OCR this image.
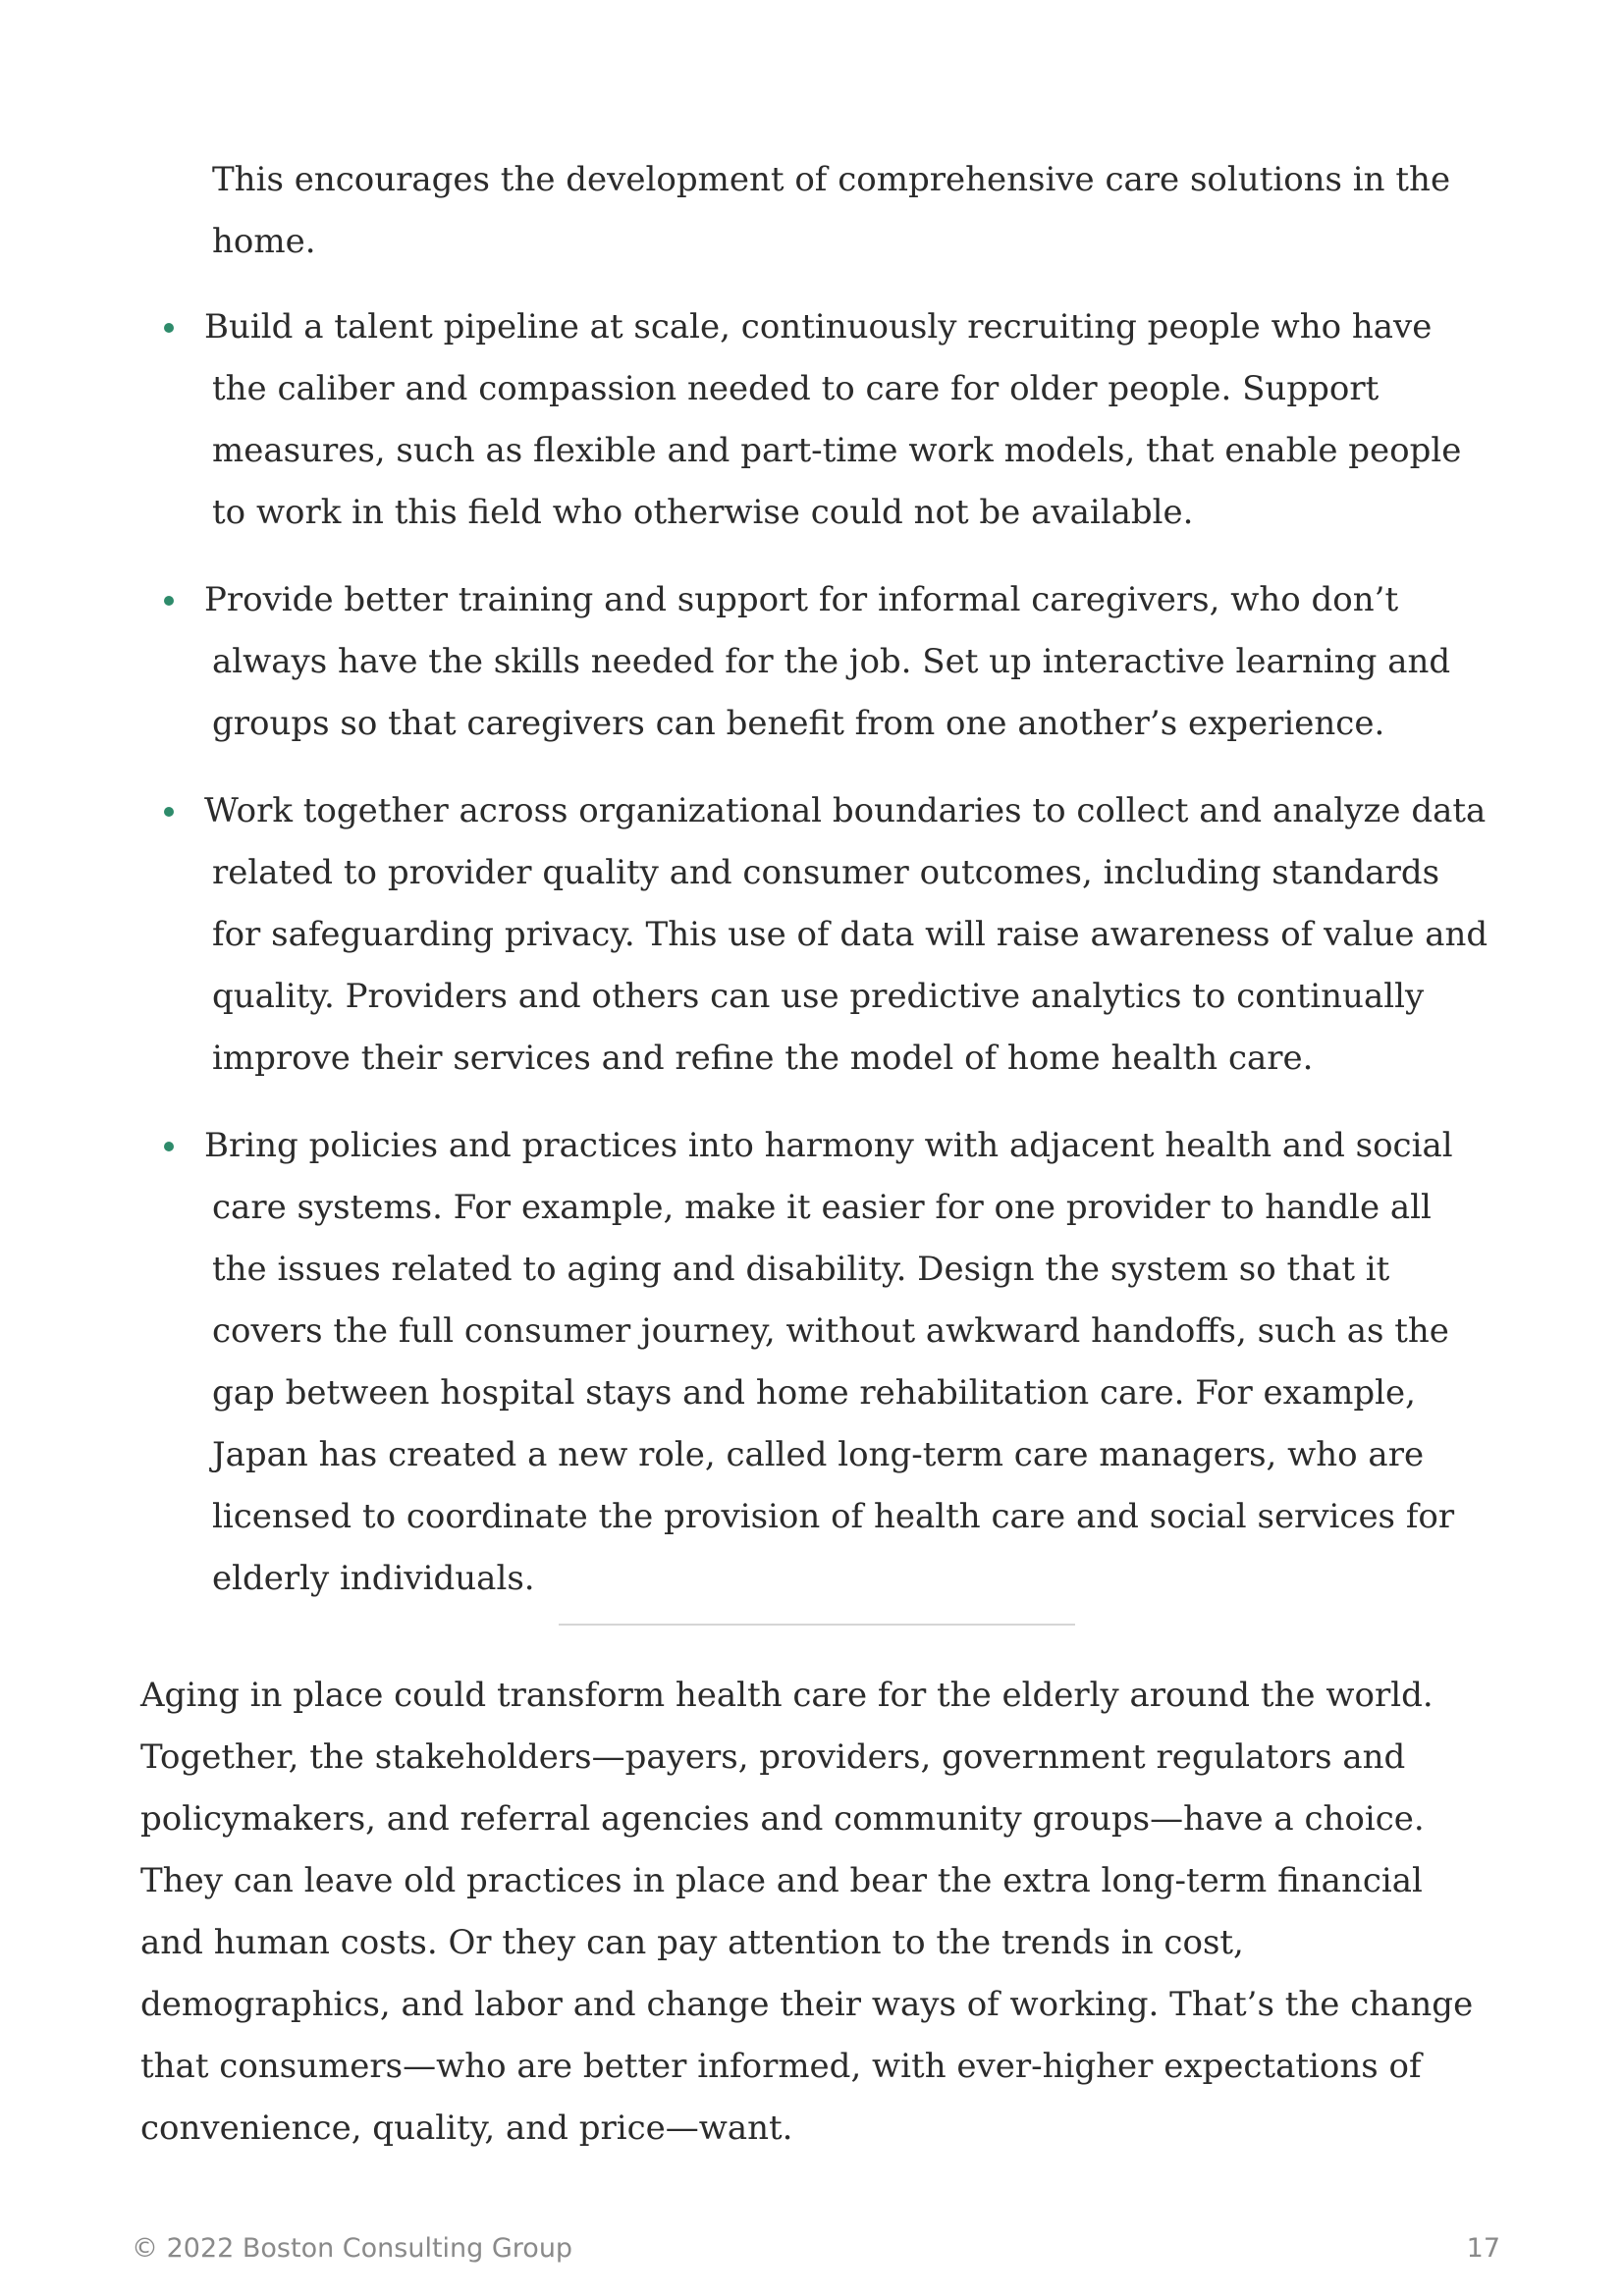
This encourages the development of comprehensive care solutions in the home.

Build a talent pipeline at scale, continuously recruiting people who have the caliber and compassion needed to care for older people. Support measures, such as flexible and part-time work models, that enable people to work in this field who otherwise could not be available.
Provide better training and support for informal caregivers, who don’t always have the skills needed for the job. Set up interactive learning and groups so that caregivers can benefit from one another’s experience.
Work together across organizational boundaries to collect and analyze data related to provider quality and consumer outcomes, including standards for safeguarding privacy. This use of data will raise awareness of value and quality. Providers and others can use predictive analytics to continually improve their services and refine the model of home health care.
Bring policies and practices into harmony with adjacent health and social care systems. For example, make it easier for one provider to handle all the issues related to aging and disability. Design the system so that it covers the full consumer journey, without awkward handoffs, such as the gap between hospital stays and home rehabilitation care. For example, Japan has created a new role, called long-term care managers, who are licensed to coordinate the provision of health care and social services for elderly individuals.

Aging in place could transform health care for the elderly around the world. Together, the stakeholders—payers, providers, government regulators and policymakers, and referral agencies and community groups—have a choice. They can leave old practices in place and bear the extra long-term financial and human costs. Or they can pay attention to the trends in cost, demographics, and labor and change their ways of working. That’s the change that consumers—who are better informed, with ever-higher expectations of convenience, quality, and price—want.

© 2022 Boston Consulting Group	17
